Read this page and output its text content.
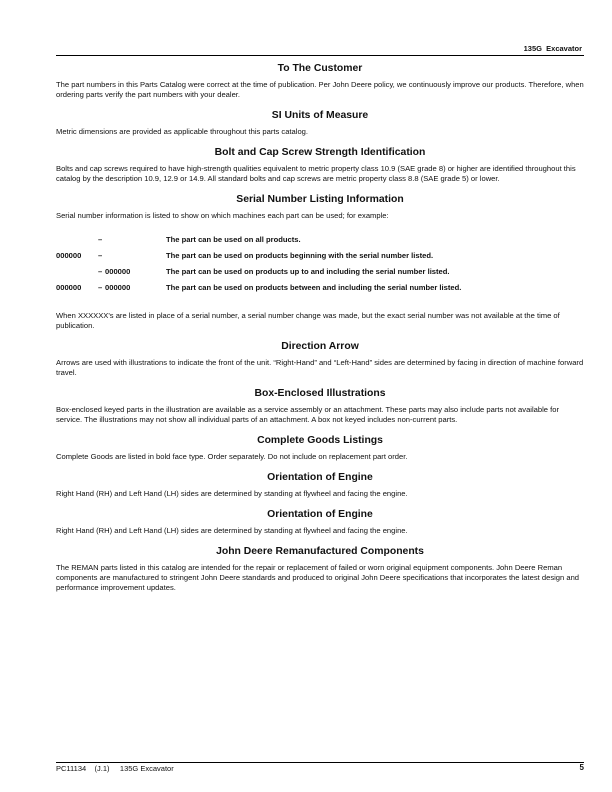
135G  Excavator
To The Customer

The part numbers in this Parts Catalog were correct at the time of publication. Per John Deere policy, we continuously improve our products. Therefore, when ordering parts verify the part numbers with your dealer.

SI Units of Measure

Metric dimensions are provided as applicable throughout this parts catalog.

Bolt and Cap Screw Strength Identification

Bolts and cap screws required to have high-strength qualities equivalent to metric property class 10.9 (SAE grade 8) or higher are identified throughout this catalog by the description 10.9, 12.9 or 14.9. All standard bolts and cap screws are metric property class 8.8 (SAE grade 5) or lower.

Serial Number Listing Information

Serial number information is listed to show on which machines each part can be used; for example:

	–		The part can be used on all products.
000000	–		The part can be used on products beginning with the serial number listed.
	–	000000	The part can be used on products up to and including the serial number listed.
000000	–	000000	The part can be used on products between and including the serial number listed.

When XXXXXX's are listed in place of a serial number, a serial number change was made, but the exact serial number was not available at the time of publication.

Direction Arrow

Arrows are used with illustrations to indicate the front of the unit. “Right-Hand” and “Left-Hand” sides are determined by facing in direction of machine forward travel.

Box-Enclosed Illustrations

Box-enclosed keyed parts in the illustration are available as a service assembly or an attachment. These parts may also include parts not available for service. The illustrations may not show all individual parts of an attachment. A box not keyed includes non-current parts.

Complete Goods Listings

Complete Goods are listed in bold face type. Order separately. Do not include on replacement part order.

Orientation of Engine

Right Hand (RH) and Left Hand (LH) sides are determined by standing at flywheel and facing the engine.

Orientation of Engine

Right Hand (RH) and Left Hand (LH) sides are determined by standing at flywheel and facing the engine.

John Deere Remanufactured Components

The REMAN parts listed in this catalog are intended for the repair or replacement of failed or worn original equipment components. John Deere Reman components are manufactured to stringent John Deere standards and produced to original John Deere specifications that incorporates the latest design and performance improvement updates.

PC11134    (J.1)     135G Excavator	5
